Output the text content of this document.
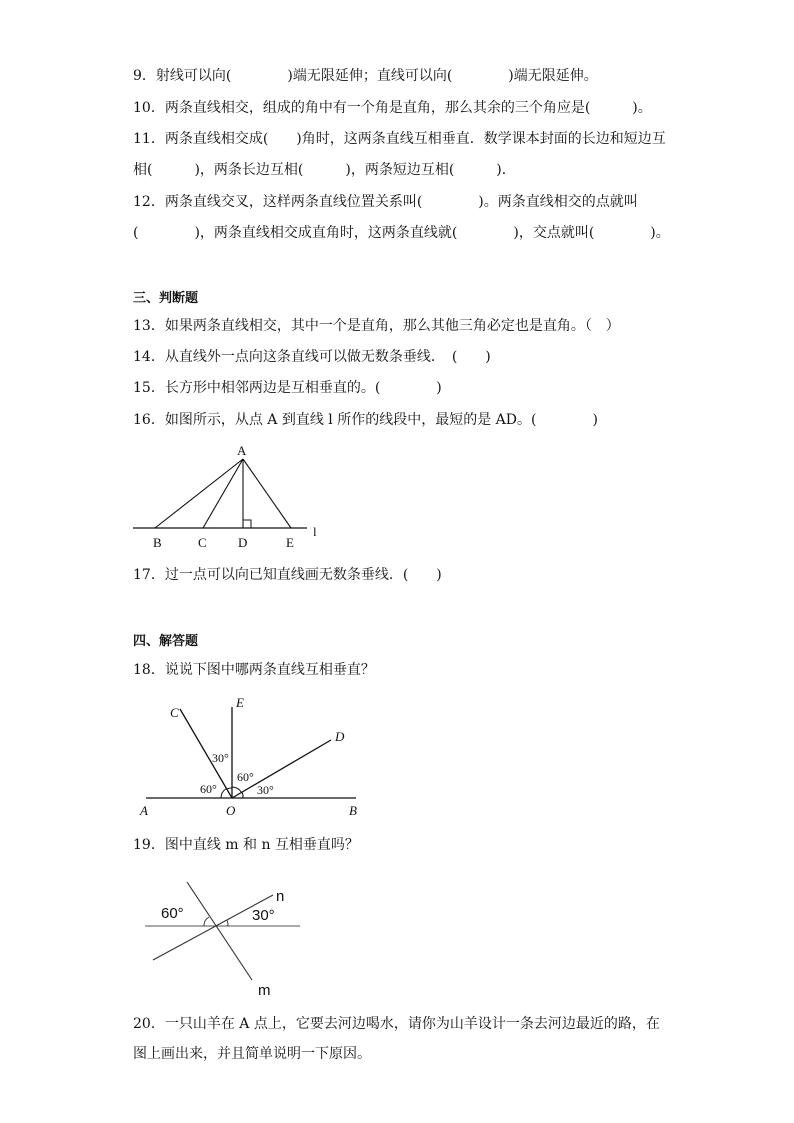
9．射线可以向(　　　　)端无限延伸；直线可以向(　　　　)端无限延伸。
10．两条直线相交，组成的角中有一个角是直角，那么其余的三个角应是(　　　)。
11．两条直线相交成(　　)角时，这两条直线互相垂直．数学课本封面的长边和短边互
相(　　　)，两条长边互相(　　　)，两条短边互相(　　　)．
12．两条直线交叉，这样两条直线位置关系叫(　　　　)。两条直线相交的点就叫
(　　　　)，两条直线相交成直角时，这两条直线就(　　　　)，交点就叫(　　　　)。
三、判断题
13．如果两条直线相交，其中一个是直角，那么其他三角必定也是直角。（　）
14．从直线外一点向这条直线可以做无数条垂线．　(　　)
15．长方形中相邻两边是互相垂直的。(　　　　)
16．如图所示，从点 A 到直线 l 所作的线段中，最短的是 AD。(　　　　)
A
B	C D	E
l
17．过一点可以向已知直线画无数条垂线．(　　)
四、解答题
18．说说下图中哪两条直线互相垂直？
C
E
D
A	O	B
30°
60°
60°	30°
19．图中直线 m 和 n 互相垂直吗？
n
m
60°	30°
20．一只山羊在 A 点上，它要去河边喝水，请你为山羊设计一条去河边最近的路，在
图上画出来，并且简单说明一下原因。
